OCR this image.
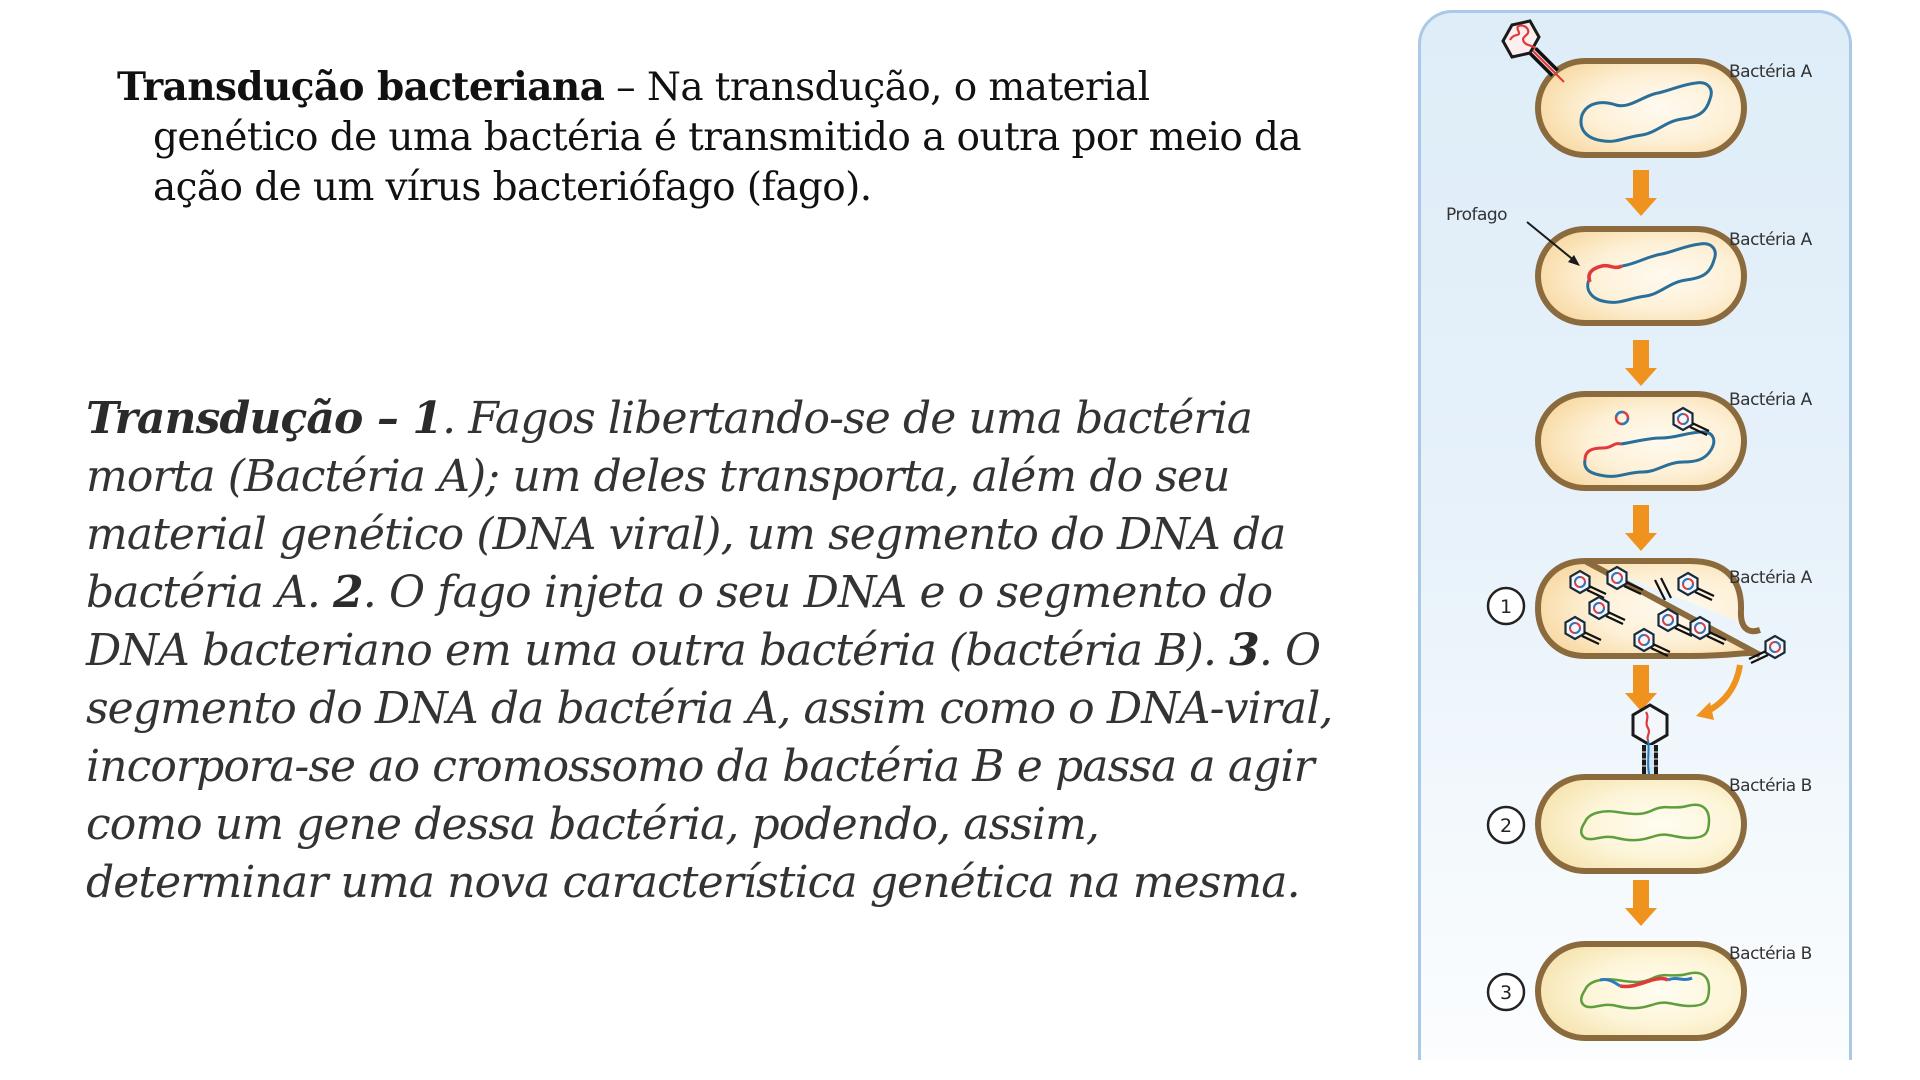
Transdução bacteriana – Na transdução, o material genético de uma bactéria é transmitido a outra por meio da ação de um vírus bacteriófago (fago).
Transdução – 1. Fagos libertando-se de uma bactéria morta (Bactéria A); um deles transporta, além do seu material genético (DNA viral), um segmento do DNA da bactéria A. 2. O fago injeta o seu DNA e o segmento do DNA bacteriano em uma outra bactéria (bactéria B). 3. O segmento do DNA da bactéria A, assim como o DNA-viral, incorpora-se ao cromossomo da bactéria B e passa a agir como um gene dessa bactéria, podendo, assim, determinar uma nova característica genética na mesma.
Bactéria A
Profago
Bactéria A
Bactéria A
Bactéria A
1
Bactéria B
2
Bactéria B
3
